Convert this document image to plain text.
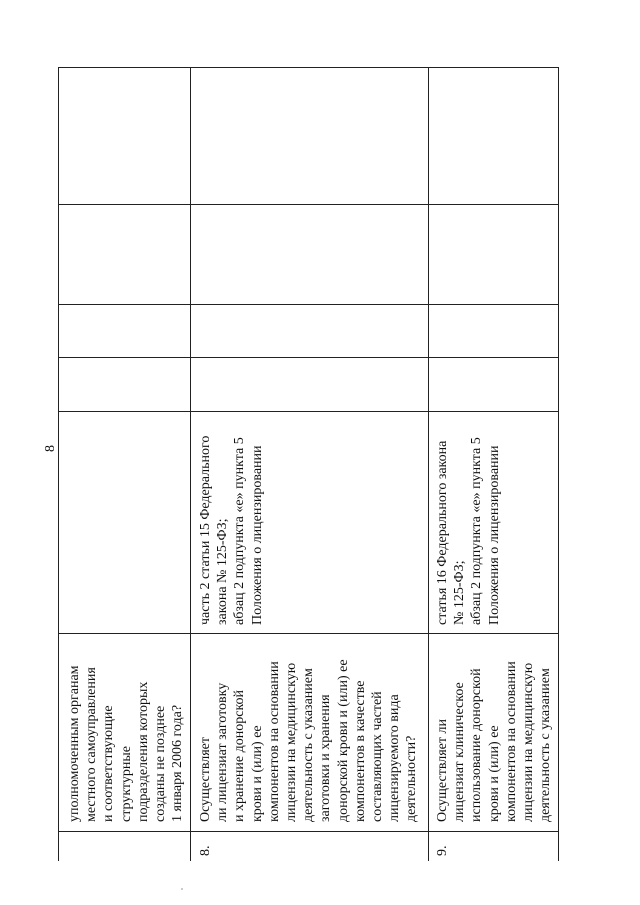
8
уполномоченным органам
местного самоуправления
и соответствующие
структурные
подразделения которых
созданы не позднее
1 января 2006 года?
8.
Осуществляет
ли лицензиат заготовку
и хранение донорской
крови и (или) ее
компонентов на основании
лицензии на медицинскую
деятельность с указанием
заготовки и хранения
донорской крови и (или) ее
компонентов в качестве
составляющих частей
лицензируемого вида
деятельности?
часть 2 статьи 15 Федерального
закона № 125-ФЗ;
абзац 2 подпункта «е» пункта 5
Положения о лицензировании
9.
Осуществляет ли
лицензиат клиническое
использование донорской
крови и (или) ее
компонентов на основании
лицензии на медицинскую
деятельность с указанием
статья 16 Федерального закона
№ 125-ФЗ;
абзац 2 подпункта «е» пункта 5
Положения о лицензировании
